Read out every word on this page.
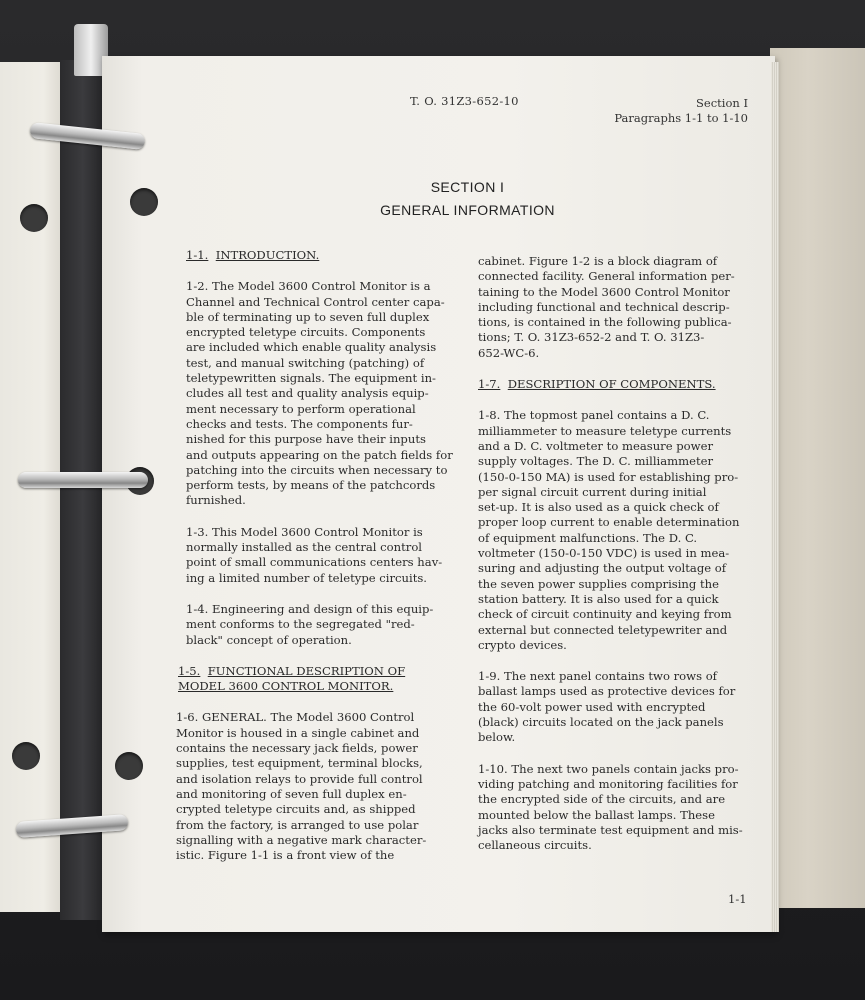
T. O. 31Z3-652-10	Section I
Paragraphs 1-1 to 1-10
SECTION I
GENERAL INFORMATION

1-1. INTRODUCTION.

1-2. The Model 3600 Control Monitor is a
Channel and Technical Control center capa-
ble of terminating up to seven full duplex
encrypted teletype circuits. Components
are included which enable quality analysis
test, and manual switching (patching) of
teletypewritten signals. The equipment in-
cludes all test and quality analysis equip-
ment necessary to perform operational
checks and tests. The components fur-
nished for this purpose have their inputs
and outputs appearing on the patch fields for
patching into the circuits when necessary to
perform tests, by means of the patchcords
furnished.

1-3. This Model 3600 Control Monitor is
normally installed as the central control
point of small communications centers hav-
ing a limited number of teletype circuits.

1-4. Engineering and design of this equip-
ment conforms to the segregated "red-
black" concept of operation.

1-5. FUNCTIONAL DESCRIPTION OF
MODEL 3600 CONTROL MONITOR.

1-6. GENERAL. The Model 3600 Control
Monitor is housed in a single cabinet and
contains the necessary jack fields, power
supplies, test equipment, terminal blocks,
and isolation relays to provide full control
and monitoring of seven full duplex en-
crypted teletype circuits and, as shipped
from the factory, is arranged to use polar
signalling with a negative mark character-
istic. Figure 1-1 is a front view of the

cabinet. Figure 1-2 is a block diagram of
connected facility. General information per-
taining to the Model 3600 Control Monitor
including functional and technical descrip-
tions, is contained in the following publica-
tions; T. O. 31Z3-652-2 and T. O. 31Z3-
652-WC-6.

1-7. DESCRIPTION OF COMPONENTS.

1-8. The topmost panel contains a D. C.
milliammeter to measure teletype currents
and a D. C. voltmeter to measure power
supply voltages. The D. C. milliammeter
(150-0-150 MA) is used for establishing pro-
per signal circuit current during initial
set-up. It is also used as a quick check of
proper loop current to enable determination
of equipment malfunctions. The D. C.
voltmeter (150-0-150 VDC) is used in mea-
suring and adjusting the output voltage of
the seven power supplies comprising the
station battery. It is also used for a quick
check of circuit continuity and keying from
external but connected teletypewriter and
crypto devices.

1-9. The next panel contains two rows of
ballast lamps used as protective devices for
the 60-volt power used with encrypted
(black) circuits located on the jack panels
below.

1-10. The next two panels contain jacks pro-
viding patching and monitoring facilities for
the encrypted side of the circuits, and are
mounted below the ballast lamps. These
jacks also terminate test equipment and mis-
cellaneous circuits.

1-1
